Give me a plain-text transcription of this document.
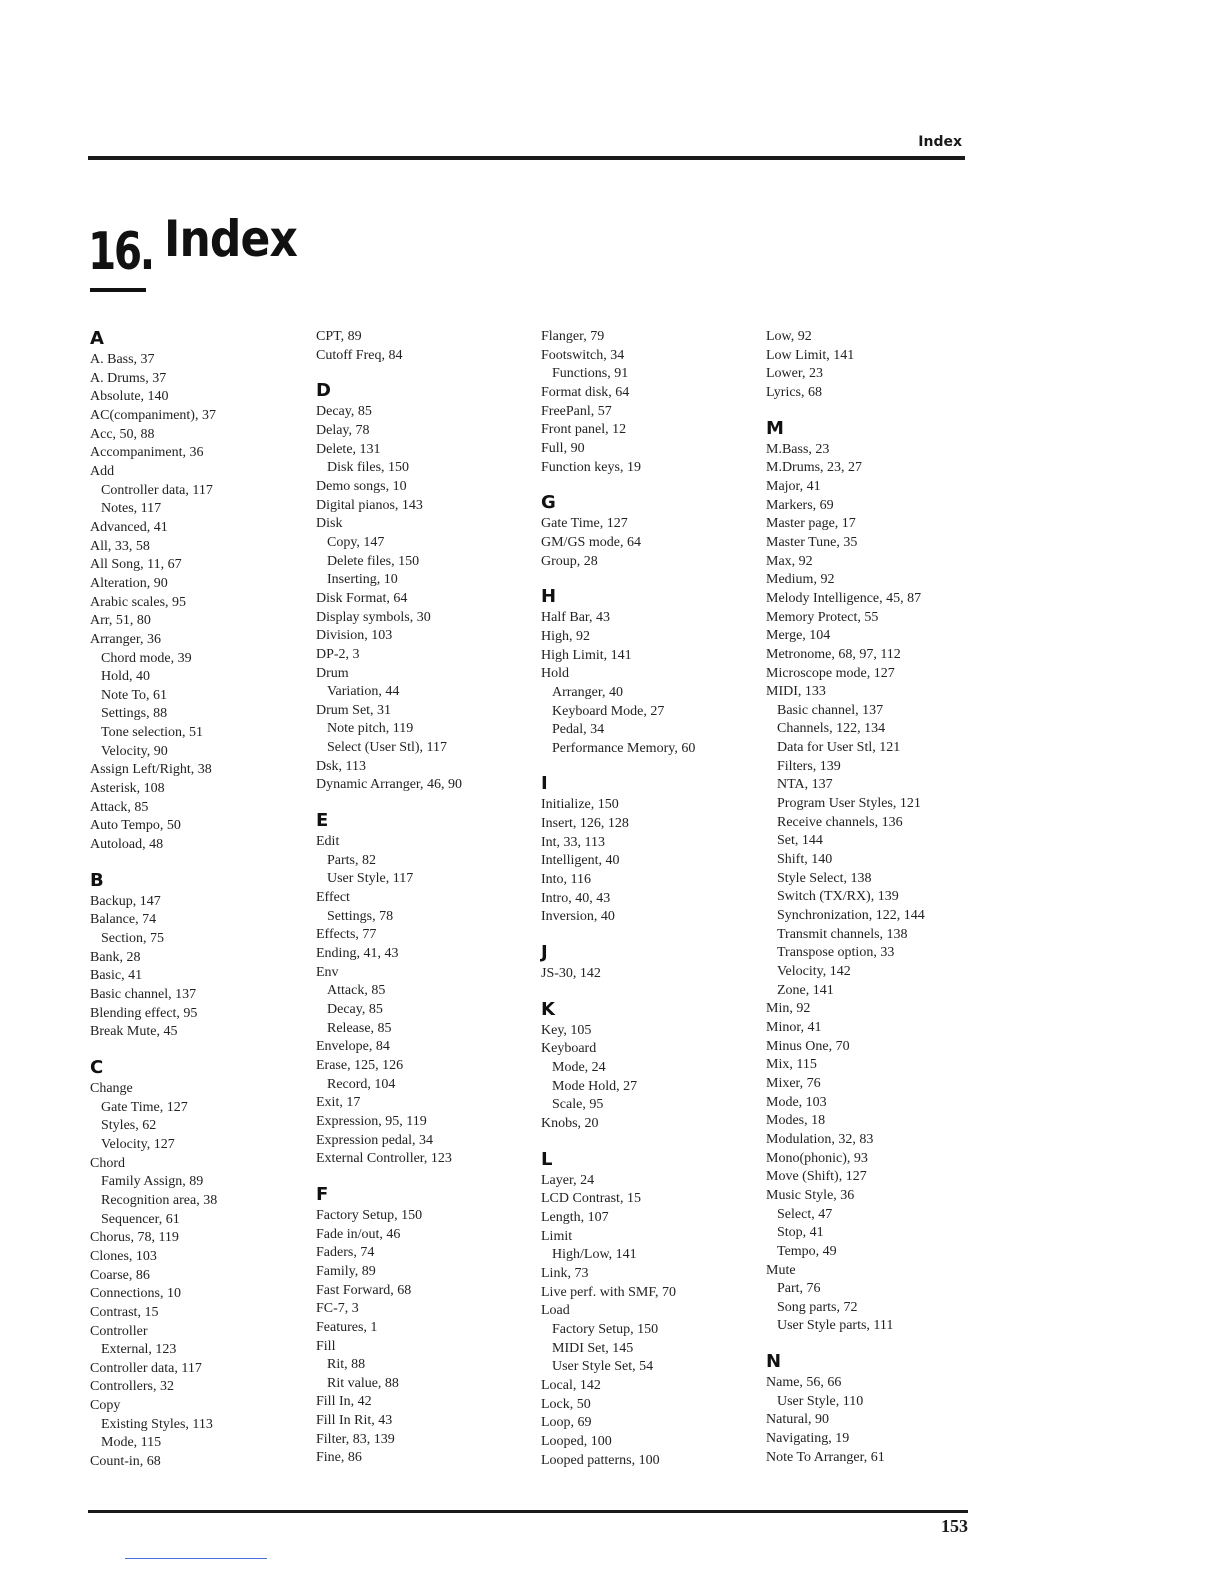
Index
16. Index
A
A. Bass, 37
A. Drums, 37
Absolute, 140
AC(companiment), 37
Acc, 50, 88
Accompaniment, 36
Add
Controller data, 117
Notes, 117
Advanced, 41
All, 33, 58
All Song, 11, 67
Alteration, 90
Arabic scales, 95
Arr, 51, 80
Arranger, 36
Chord mode, 39
Hold, 40
Note To, 61
Settings, 88
Tone selection, 51
Velocity, 90
Assign Left/Right, 38
Asterisk, 108
Attack, 85
Auto Tempo, 50
Autoload, 48
B
Backup, 147
Balance, 74
Section, 75
Bank, 28
Basic, 41
Basic channel, 137
Blending effect, 95
Break Mute, 45
C
Change
Gate Time, 127
Styles, 62
Velocity, 127
Chord
Family Assign, 89
Recognition area, 38
Sequencer, 61
Chorus, 78, 119
Clones, 103
Coarse, 86
Connections, 10
Contrast, 15
Controller
External, 123
Controller data, 117
Controllers, 32
Copy
Existing Styles, 113
Mode, 115
Count-in, 68
CPT, 89
Cutoff Freq, 84
D
Decay, 85
Delay, 78
Delete, 131
Disk files, 150
Demo songs, 10
Digital pianos, 143
Disk
Copy, 147
Delete files, 150
Inserting, 10
Disk Format, 64
Display symbols, 30
Division, 103
DP-2, 3
Drum
Variation, 44
Drum Set, 31
Note pitch, 119
Select (User Stl), 117
Dsk, 113
Dynamic Arranger, 46, 90
E
Edit
Parts, 82
User Style, 117
Effect
Settings, 78
Effects, 77
Ending, 41, 43
Env
Attack, 85
Decay, 85
Release, 85
Envelope, 84
Erase, 125, 126
Record, 104
Exit, 17
Expression, 95, 119
Expression pedal, 34
External Controller, 123
F
Factory Setup, 150
Fade in/out, 46
Faders, 74
Family, 89
Fast Forward, 68
FC-7, 3
Features, 1
Fill
Rit, 88
Rit value, 88
Fill In, 42
Fill In Rit, 43
Filter, 83, 139
Fine, 86
Flanger, 79
Footswitch, 34
Functions, 91
Format disk, 64
FreePanl, 57
Front panel, 12
Full, 90
Function keys, 19
G
Gate Time, 127
GM/GS mode, 64
Group, 28
H
Half Bar, 43
High, 92
High Limit, 141
Hold
Arranger, 40
Keyboard Mode, 27
Pedal, 34
Performance Memory, 60
I
Initialize, 150
Insert, 126, 128
Int, 33, 113
Intelligent, 40
Into, 116
Intro, 40, 43
Inversion, 40
J
JS-30, 142
K
Key, 105
Keyboard
Mode, 24
Mode Hold, 27
Scale, 95
Knobs, 20
L
Layer, 24
LCD Contrast, 15
Length, 107
Limit
High/Low, 141
Link, 73
Live perf. with SMF, 70
Load
Factory Setup, 150
MIDI Set, 145
User Style Set, 54
Local, 142
Lock, 50
Loop, 69
Looped, 100
Looped patterns, 100
Low, 92
Low Limit, 141
Lower, 23
Lyrics, 68
M
M.Bass, 23
M.Drums, 23, 27
Major, 41
Markers, 69
Master page, 17
Master Tune, 35
Max, 92
Medium, 92
Melody Intelligence, 45, 87
Memory Protect, 55
Merge, 104
Metronome, 68, 97, 112
Microscope mode, 127
MIDI, 133
Basic channel, 137
Channels, 122, 134
Data for User Stl, 121
Filters, 139
NTA, 137
Program User Styles, 121
Receive channels, 136
Set, 144
Shift, 140
Style Select, 138
Switch (TX/RX), 139
Synchronization, 122, 144
Transmit channels, 138
Transpose option, 33
Velocity, 142
Zone, 141
Min, 92
Minor, 41
Minus One, 70
Mix, 115
Mixer, 76
Mode, 103
Modes, 18
Modulation, 32, 83
Mono(phonic), 93
Move (Shift), 127
Music Style, 36
Select, 47
Stop, 41
Tempo, 49
Mute
Part, 76
Song parts, 72
User Style parts, 111
N
Name, 56, 66
User Style, 110
Natural, 90
Navigating, 19
Note To Arranger, 61
153
